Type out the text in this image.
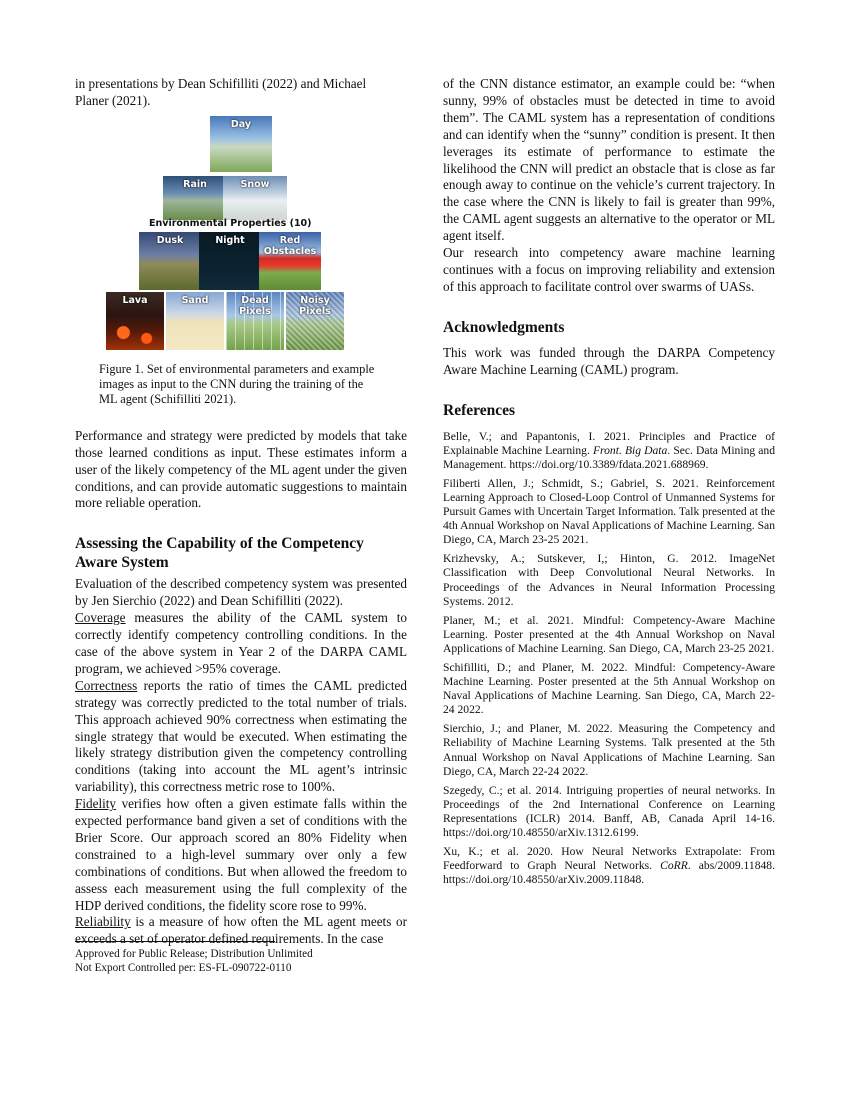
in presentations by Dean Schifilliti (2022) and Michael
Planer (2021).

Day
Rain	Snow
Environmental Properties (10)
Dusk	Night	Red Obstacles
Lava	Sand	Dead Pixels
Noisy Pixels

Figure 1. Set of environmental parameters and example images as input to the CNN during the training of the ML agent (Schifilliti 2021).

Performance and strategy were predicted by models that take those learned conditions as input. These estimates inform a user of the likely competency of the ML agent under the given conditions, and can provide automatic suggestions to maintain more reliable operation.

Assessing the Capability of the Competency Aware System

Evaluation of the described competency system was presented by Jen Sierchio (2022) and Dean Schifilliti (2022).

Coverage measures the ability of the CAML system to correctly identify competency controlling conditions. In the case of the above system in Year 2 of the DARPA CAML program, we achieved >95% coverage.

Correctness reports the ratio of times the CAML predicted strategy was correctly predicted to the total number of trials. This approach achieved 90% correctness when estimating the single strategy that would be executed. When estimating the likely strategy distribution given the competency controlling conditions (taking into account the ML agent’s intrinsic variability), this correctness metric rose to 100%.

Fidelity verifies how often a given estimate falls within the expected performance band given a set of conditions with the Brier Score. Our approach scored an 80% Fidelity when constrained to a high-level summary over only a few combinations of conditions. But when allowed the freedom to assess each measurement using the full complexity of the HDP derived conditions, the fidelity score rose to 99%.

Reliability is a measure of how often the ML agent meets or exceeds a set of operator defined requirements. In the case

of the CNN distance estimator, an example could be: “when sunny, 99% of obstacles must be detected in time to avoid them”. The CAML system has a representation of conditions and can identify when the “sunny” condition is present. It then leverages its estimate of performance to estimate the likelihood the CNN will predict an obstacle that is close as far enough away to continue on the vehicle’s current trajectory. In the case where the CNN is likely to fail is greater than 99%, the CAML agent suggests an alternative to the operator or ML agent itself.

Our research into competency aware machine learning continues with a focus on improving reliability and extension of this approach to facilitate control over swarms of UASs.

Acknowledgments

This work was funded through the DARPA Competency Aware Machine Learning (CAML) program.

References

Belle, V.; and Papantonis, I. 2021. Principles and Practice of Explainable Machine Learning. Front. Big Data. Sec. Data Mining and Management. https://doi.org/10.3389/fdata.2021.688969.

Filiberti Allen, J.; Schmidt, S.; Gabriel, S. 2021. Reinforcement Learning Approach to Closed-Loop Control of Unmanned Systems for Pursuit Games with Uncertain Target Information. Talk presented at the 4th Annual Workshop on Naval Applications of Machine Learning. San Diego, CA, March 23-25 2021.

Krizhevsky, A.; Sutskever, I,; Hinton, G. 2012. ImageNet Classification with Deep Convolutional Neural Networks. In Proceedings of the Advances in Neural Information Processing Systems. 2012.

Planer, M.; et al. 2021. Mindful: Competency-Aware Machine Learning. Poster presented at the 4th Annual Workshop on Naval Applications of Machine Learning. San Diego, CA, March 23-25 2021.

Schifilliti, D.; and Planer, M. 2022. Mindful: Competency-Aware Machine Learning. Poster presented at the 5th Annual Workshop on Naval Applications of Machine Learning. San Diego, CA, March 22-24 2022.

Sierchio, J.; and Planer, M. 2022. Measuring the Competency and Reliability of Machine Learning Systems. Talk presented at the 5th Annual Workshop on Naval Applications of Machine Learning. San Diego, CA, March 22-24 2022.

Szegedy, C.; et al. 2014. Intriguing properties of neural networks. In Proceedings of the 2nd International Conference on Learning Representations (ICLR) 2014. Banff, AB, Canada April 14-16. https://doi.org/10.48550/arXiv.1312.6199.

Xu, K.; et al. 2020. How Neural Networks Extrapolate: From Feedforward to Graph Neural Networks. CoRR. abs/2009.11848. https://doi.org/10.48550/arXiv.2009.11848.

Approved for Public Release; Distribution Unlimited
Not Export Controlled per: ES-FL-090722-0110
